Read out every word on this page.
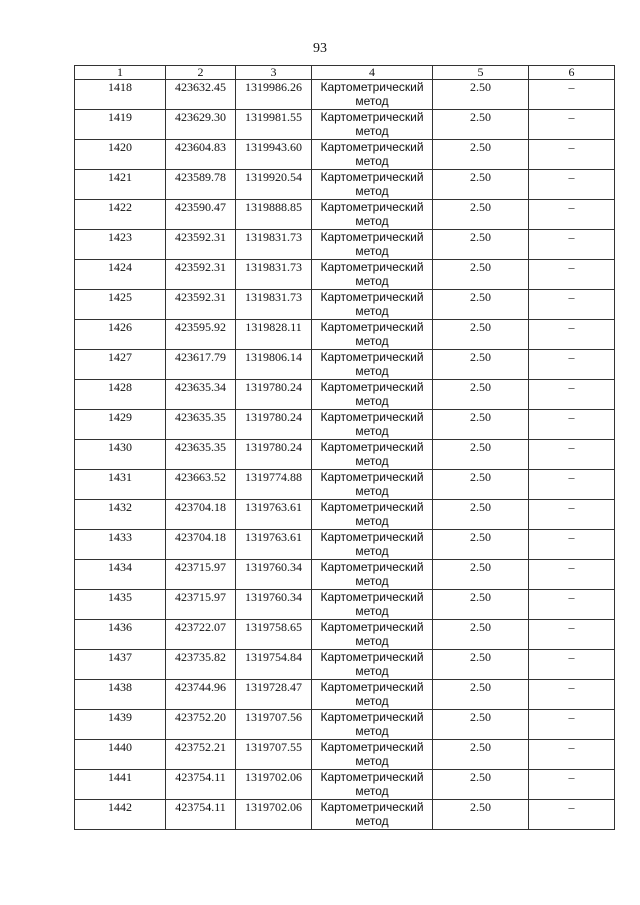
93
1	2	3	4	5	6
1418	423632.45	1319986.26	Картометрический метод	2.50	–
1419	423629.30	1319981.55	Картометрический метод	2.50	–
1420	423604.83	1319943.60	Картометрический метод	2.50	–
1421	423589.78	1319920.54	Картометрический метод	2.50	–
1422	423590.47	1319888.85	Картометрический метод	2.50	–
1423	423592.31	1319831.73	Картометрический метод	2.50	–
1424	423592.31	1319831.73	Картометрический метод	2.50	–
1425	423592.31	1319831.73	Картометрический метод	2.50	–
1426	423595.92	1319828.11	Картометрический метод	2.50	–
1427	423617.79	1319806.14	Картометрический метод	2.50	–
1428	423635.34	1319780.24	Картометрический метод	2.50	–
1429	423635.35	1319780.24	Картометрический метод	2.50	–
1430	423635.35	1319780.24	Картометрический метод	2.50	–
1431	423663.52	1319774.88	Картометрический метод	2.50	–
1432	423704.18	1319763.61	Картометрический метод	2.50	–
1433	423704.18	1319763.61	Картометрический метод	2.50	–
1434	423715.97	1319760.34	Картометрический метод	2.50	–
1435	423715.97	1319760.34	Картометрический метод	2.50	–
1436	423722.07	1319758.65	Картометрический метод	2.50	–
1437	423735.82	1319754.84	Картометрический метод	2.50	–
1438	423744.96	1319728.47	Картометрический метод	2.50	–
1439	423752.20	1319707.56	Картометрический метод	2.50	–
1440	423752.21	1319707.55	Картометрический метод	2.50	–
1441	423754.11	1319702.06	Картометрический метод	2.50	–
1442	423754.11	1319702.06	Картометрический метод	2.50	–
